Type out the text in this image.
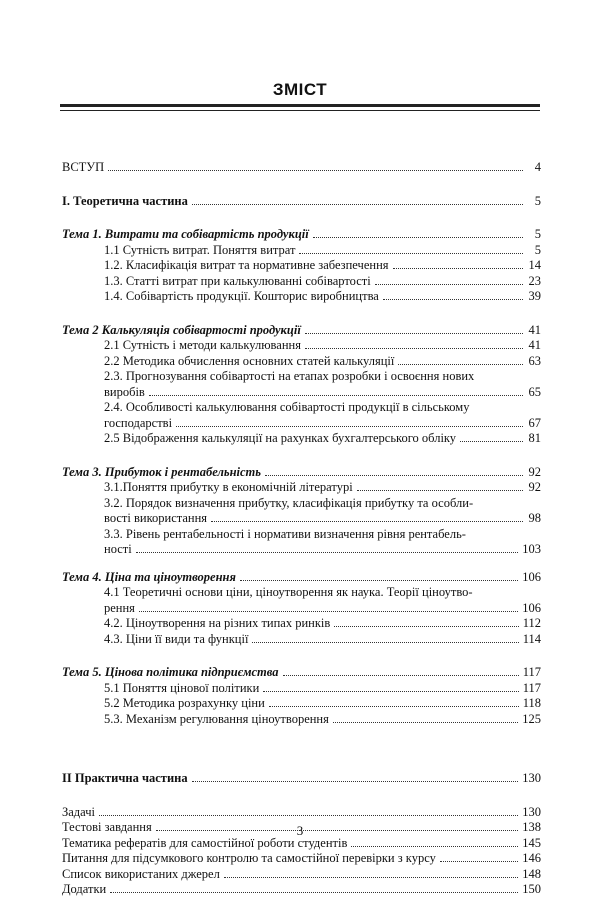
ЗМІСТ
ВСТУП	4
I. Теоретична частина	5
Тема 1. Витрати та собівартість продукції	5
1.1 Сутність витрат. Поняття витрат	5
1.2. Класифікація витрат та нормативне забезпечення	14
1.3. Статті витрат при калькулюванні собівартості	23
1.4. Собівартість продукції. Кошторис виробництва	39
Тема 2 Калькуляція собівартості продукції	41
2.1 Сутність і методи калькулювання	41
2.2 Методика обчислення основних статей калькуляції	63
2.3. Прогнозування собівартості на етапах розробки і освоєння нових
виробів	65
2.4. Особливості калькулювання собівартості продукції в сільському
господарстві	67
2.5 Відображення калькуляції на рахунках бухгалтерського обліку	81
Тема 3. Прибуток і рентабельність	92
3.1.Поняття прибутку в економічній літературі	92
3.2. Порядок визначення прибутку, класифікація прибутку та особли-
вості використання	98
3.3. Рівень рентабельності і нормативи визначення рівня рентабель-
ності	103
Тема 4. Ціна та ціноутворення	106
4.1 Теоретичні основи ціни, ціноутворення як наука. Теорії ціноутво-
рення	106
4.2. Ціноутворення на різних типах ринків	112
4.3. Ціни її види та функції	114
Тема 5. Цінова політика підприємства	117
5.1 Поняття цінової політики	117
5.2 Методика розрахунку ціни	118
5.3. Механізм регулювання ціноутворення	125
II Практична частина	130
Задачі	130
Тестові завдання	138
Тематика рефератів для самостійної роботи студентів	145
Питання для підсумкового контролю та самостійної перевірки з курсу	146
Список використаних джерел	148
Додатки	150
3
